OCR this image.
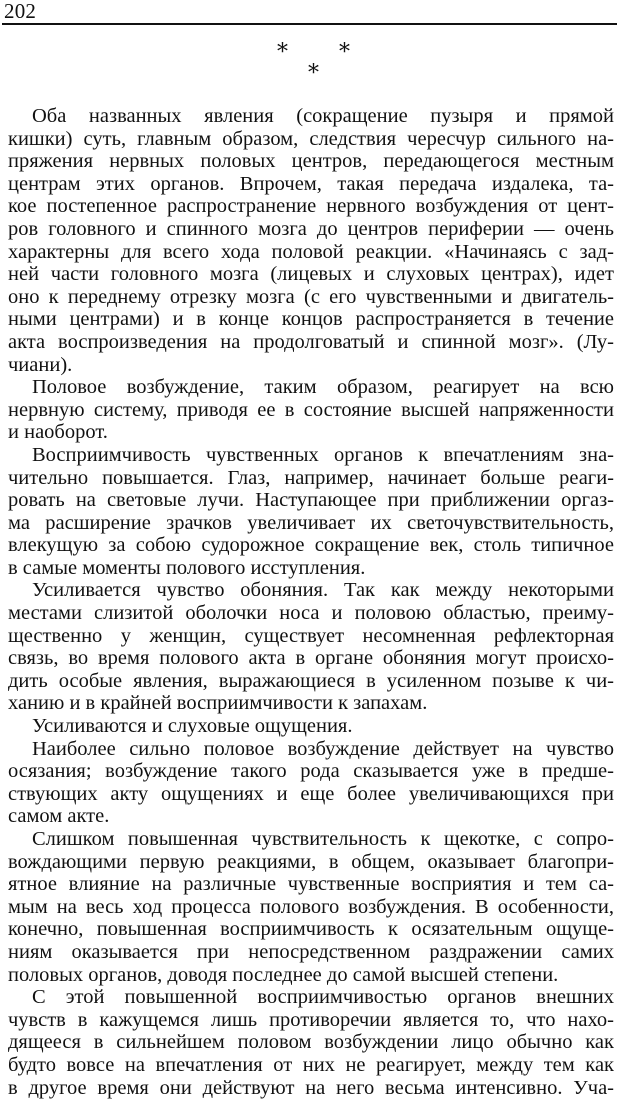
202
* *
*
Оба названных явления (сокращение пузыря и прямой
кишки) суть, главным образом, следствия чересчур сильного на-
пряжения нервных половых центров, передающегося местным
центрам этих органов. Впрочем, такая передача издалека, та-
кое постепенное распространение нервного возбуждения от цент-
ров головного и спинного мозга до центров периферии — очень
характерны для всего хода половой реакции. «Начинаясь с зад-
ней части головного мозга (лицевых и слуховых центрах), идет
оно к переднему отрезку мозга (с его чувственными и двигатель-
ными центрами) и в конце концов распространяется в течение
акта воспроизведения на продолговатый и спинной мозг». (Лу-
чиани).
Половое возбуждение, таким образом, реагирует на всю
нервную систему, приводя ее в состояние высшей напряженности
и наоборот.
Восприимчивость чувственных органов к впечатлениям зна-
чительно повышается. Глаз, например, начинает больше реаги-
ровать на световые лучи. Наступающее при приближении оргаз-
ма расширение зрачков увеличивает их светочувствительность,
влекущую за собою судорожное сокращение век, столь типичное
в самые моменты полового исступления.
Усиливается чувство обоняния. Так как между некоторыми
местами слизитой оболочки носа и половою областью, преиму-
щественно у женщин, существует несомненная рефлекторная
связь, во время полового акта в органе обоняния могут происхо-
дить особые явления, выражающиеся в усиленном позыве к чи-
ханию и в крайней восприимчивости к запахам.
Усиливаются и слуховые ощущения.
Наиболее сильно половое возбуждение действует на чувство
осязания; возбуждение такого рода сказывается уже в предше-
ствующих акту ощущениях и еще более увеличивающихся при
самом акте.
Слишком повышенная чувствительность к щекотке, с сопро-
вождающими первую реакциями, в общем, оказывает благопри-
ятное влияние на различные чувственные восприятия и тем са-
мым на весь ход процесса полового возбуждения. В особенности,
конечно, повышенная восприимчивость к осязательным ощуще-
ниям оказывается при непосредственном раздражении самих
половых органов, доводя последнее до самой высшей степени.
С этой повышенной восприимчивостью органов внешних
чувств в кажущемся лишь противоречии является то, что нахо-
дящееся в сильнейшем половом возбуждении лицо обычно как
будто вовсе на впечатления от них не реагирует, между тем как
в другое время они действуют на него весьма интенсивно. Уча-
